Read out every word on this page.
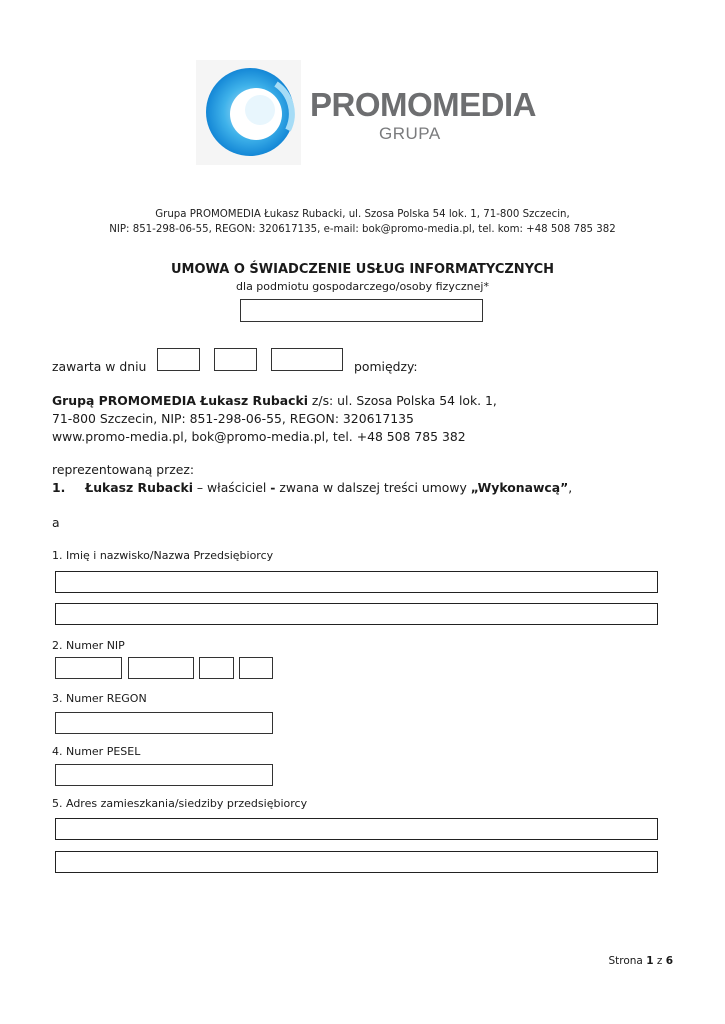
PROMOMEDIA
GRUPA
Grupa PROMOMEDIA Łukasz Rubacki, ul. Szosa Polska 54 lok. 1, 71-800 Szczecin,
NIP: 851-298-06-55, REGON: 320617135, e-mail: bok@promo-media.pl, tel. kom: +48 508 785 382
UMOWA O ŚWIADCZENIE USŁUG INFORMATYCZNYCH
dla podmiotu gospodarczego/osoby fizycznej*
zawarta w dniu	pomiędzy:
Grupą PROMOMEDIA Łukasz Rubacki z/s: ul. Szosa Polska 54 lok. 1,
71-800 Szczecin, NIP: 851-298-06-55, REGON: 320617135
www.promo-media.pl, bok@promo-media.pl, tel. +48 508 785 382
reprezentowaną przez:
1. Łukasz Rubacki – właściciel - zwana w dalszej treści umowy „Wykonawcą”,
a
1. Imię i nazwisko/Nazwa Przedsiębiorcy
2. Numer NIP
3. Numer REGON
4. Numer PESEL
5. Adres zamieszkania/siedziby przedsiębiorcy
Strona 1 z 6
